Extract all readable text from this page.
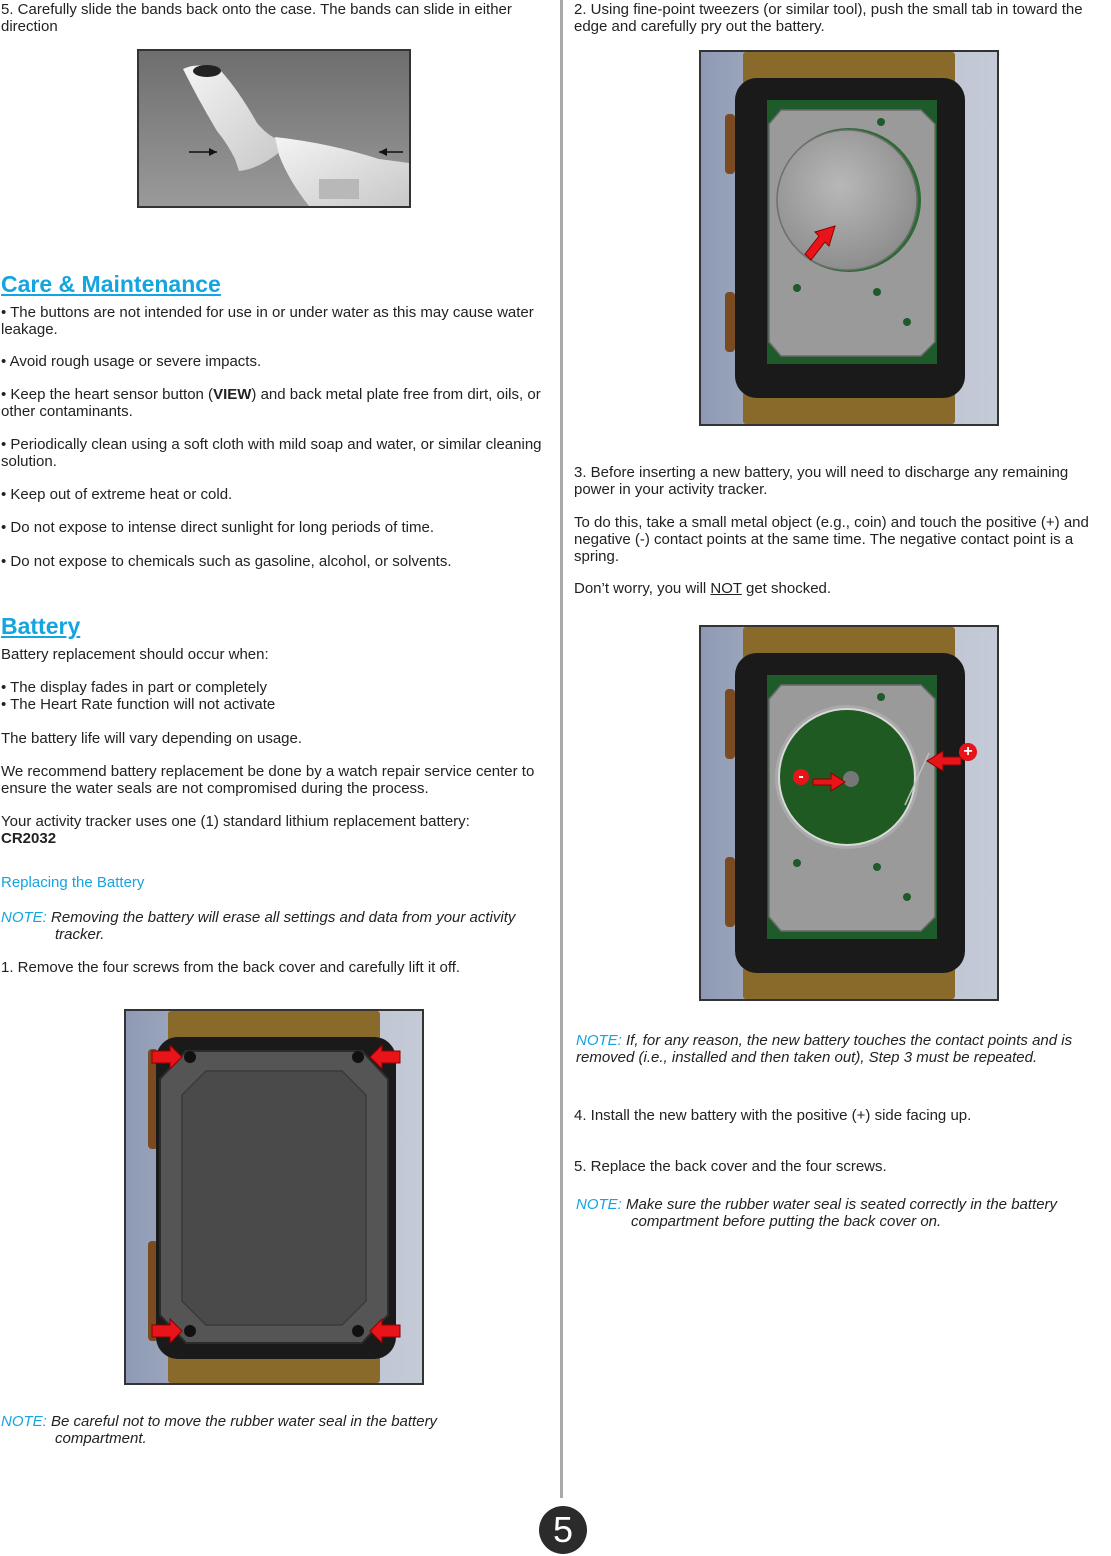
5. Carefully slide the bands back onto the case. The bands can slide in either direction
Care & Maintenance
• The buttons are not intended for use in or under water as this may cause water leakage.
• Avoid rough usage or severe impacts.
• Keep the heart sensor button (VIEW) and back metal plate free from dirt, oils, or other contaminants.
• Periodically clean using a soft cloth with mild soap and water, or similar cleaning solution.
• Keep out of extreme heat or cold.
• Do not expose to intense direct sunlight for long periods of time.
• Do not expose to chemicals such as gasoline, alcohol, or solvents.
Battery
Battery replacement should occur when:
• The display fades in part or completely
• The Heart Rate function will not activate
The battery life will vary depending on usage.
We recommend battery replacement be done by a watch repair service center to ensure the water seals are not compromised during the process.
Your activity tracker uses one (1) standard lithium replacement battery:
CR2032
Replacing the Battery
NOTE: Removing the battery will erase all settings and data from your activity
tracker.
1. Remove the four screws from the back cover and carefully lift it off.
NOTE: Be careful not to move the rubber water seal in the battery
compartment.
2. Using fine-point tweezers (or similar tool), push the small tab in toward the edge and carefully pry out the battery.
3. Before inserting a new battery, you will need to discharge any remaining power in your activity tracker.
To do this, take a small metal object (e.g., coin) and touch the positive (+) and negative (-) contact points at the same time. The negative contact point is a spring.
Don’t worry, you will NOT get shocked.
+
-
NOTE: If, for any reason, the new battery touches the contact points and is removed (i.e., installed and then taken out), Step 3 must be repeated.
4. Install the new battery with the positive (+) side facing up.
5. Replace the back cover and the four screws.
NOTE: Make sure the rubber water seal is seated correctly in the battery
compartment before putting the back cover on.
5
